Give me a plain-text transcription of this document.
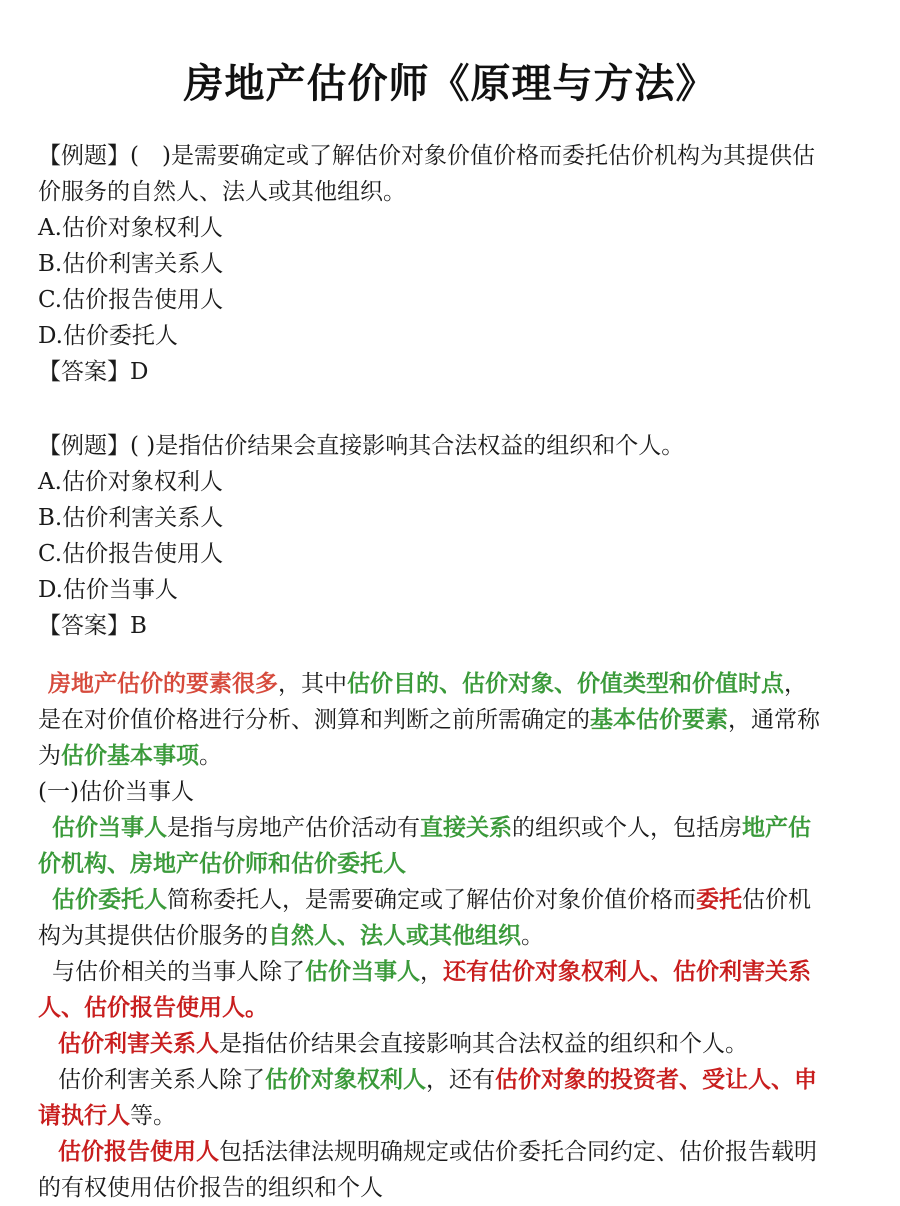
房地产估价师《原理与方法》

【例题】(　)是需要确定或了解估价对象价值价格而委托估价机构为其提供估

价服务的自然人、法人或其他组织。

A.估价对象权利人

B.估价利害关系人

C.估价报告使用人

D.估价委托人

【答案】D

【例题】( )是指估价结果会直接影响其合法权益的组织和个人。

A.估价对象权利人

B.估价利害关系人

C.估价报告使用人

D.估价当事人

【答案】B

房地产估价的要素很多，其中估价目的、估价对象、价值类型和价值时点，

是在对价值价格进行分析、测算和判断之前所需确定的基本估价要素，通常称

为估价基本事项。

(一)估价当事人

估价当事人是指与房地产估价活动有直接关系的组织或个人，包括房地产估

价机构、房地产估价师和估价委托人

估价委托人简称委托人，是需要确定或了解估价对象价值价格而委托估价机

构为其提供估价服务的自然人、法人或其他组织。

与估价相关的当事人除了估价当事人，还有估价对象权利人、估价利害关系

人、估价报告使用人。

估价利害关系人是指估价结果会直接影响其合法权益的组织和个人。

估价利害关系人除了估价对象权利人，还有估价对象的投资者、受让人、申

请执行人等。

估价报告使用人包括法律法规明确规定或估价委托合同约定、估价报告载明

的有权使用估价报告的组织和个人
